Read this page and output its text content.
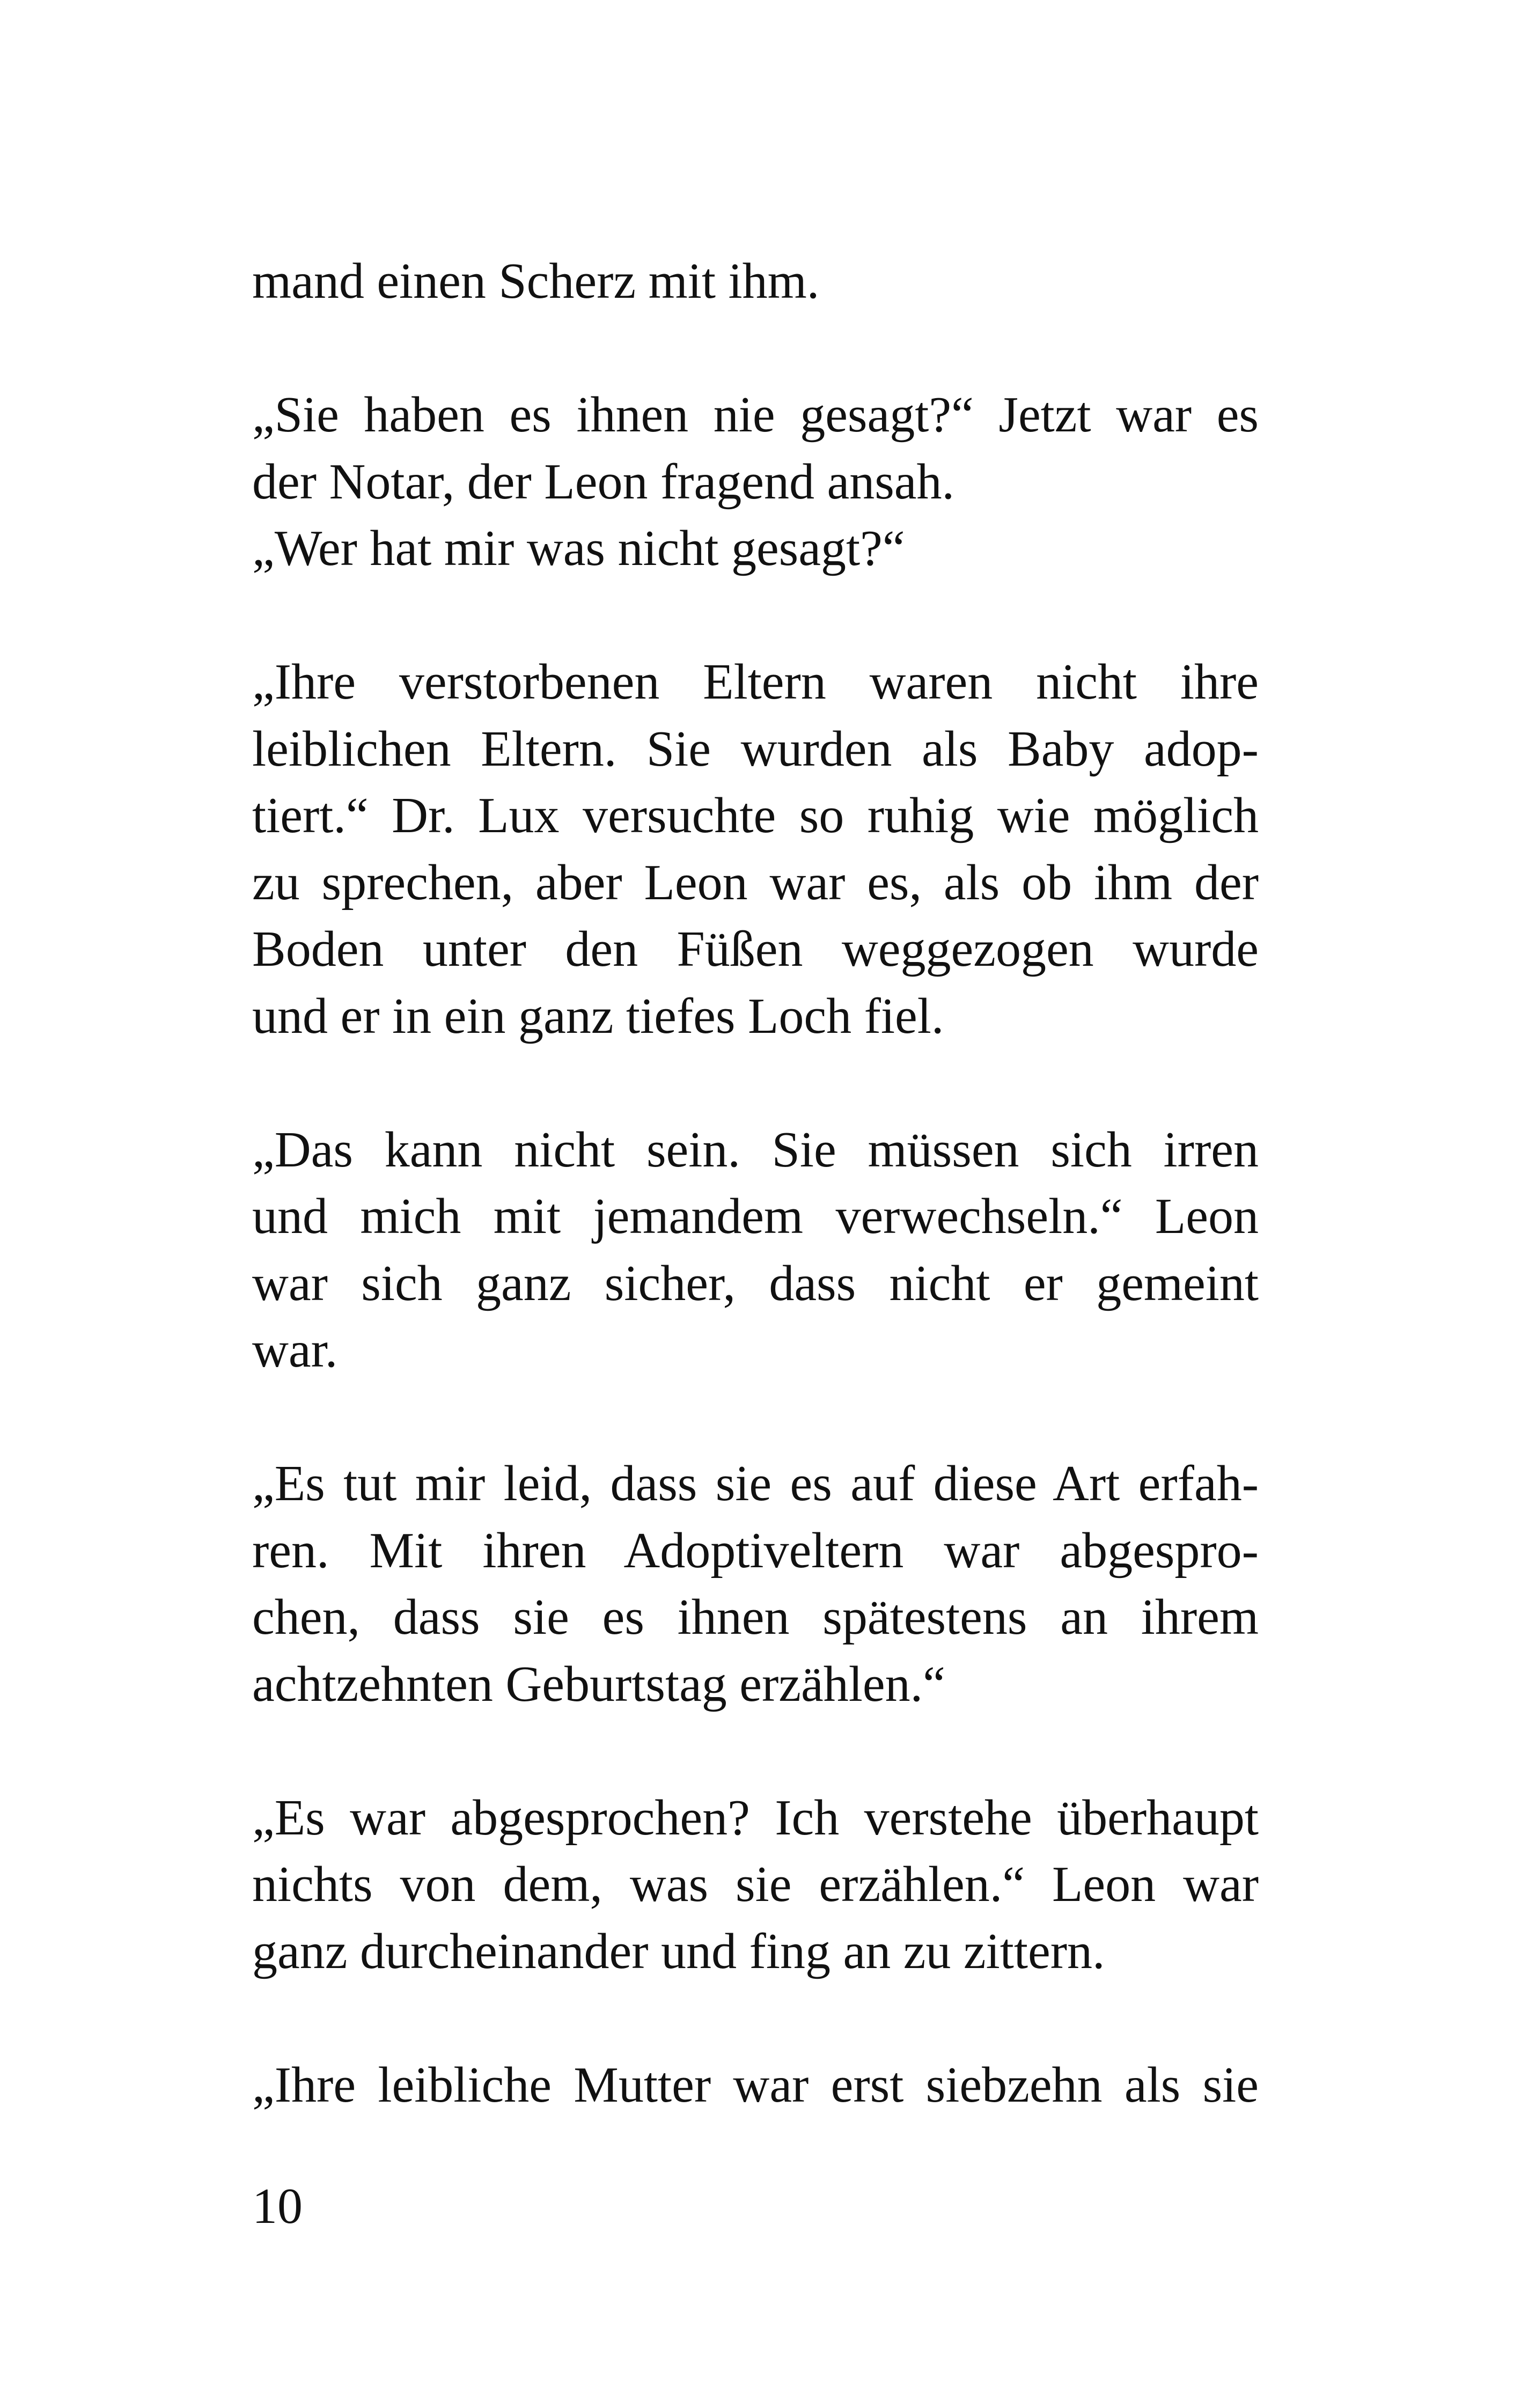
mand einen Scherz mit ihm.

„Sie haben es ihnen nie gesagt?“ Jetzt war es
der Notar, der Leon fragend ansah.
„Wer hat mir was nicht gesagt?“

„Ihre verstorbenen Eltern waren nicht ihre
leiblichen Eltern. Sie wurden als Baby adop-
tiert.“ Dr. Lux versuchte so ruhig wie möglich
zu sprechen, aber Leon war es, als ob ihm der
Boden unter den Füßen weggezogen wurde
und er in ein ganz tiefes Loch fiel.

„Das kann nicht sein. Sie müssen sich irren
und mich mit jemandem verwechseln.“ Leon
war sich ganz sicher, dass nicht er gemeint
war.

„Es tut mir leid, dass sie es auf diese Art erfah-
ren. Mit ihren Adoptiveltern war abgespro-
chen, dass sie es ihnen spätestens an ihrem
achtzehnten Geburtstag erzählen.“

„Es war abgesprochen? Ich verstehe überhaupt
nichts von dem, was sie erzählen.“ Leon war
ganz durcheinander und fing an zu zittern.

„Ihre leibliche Mutter war erst siebzehn als sie

10
